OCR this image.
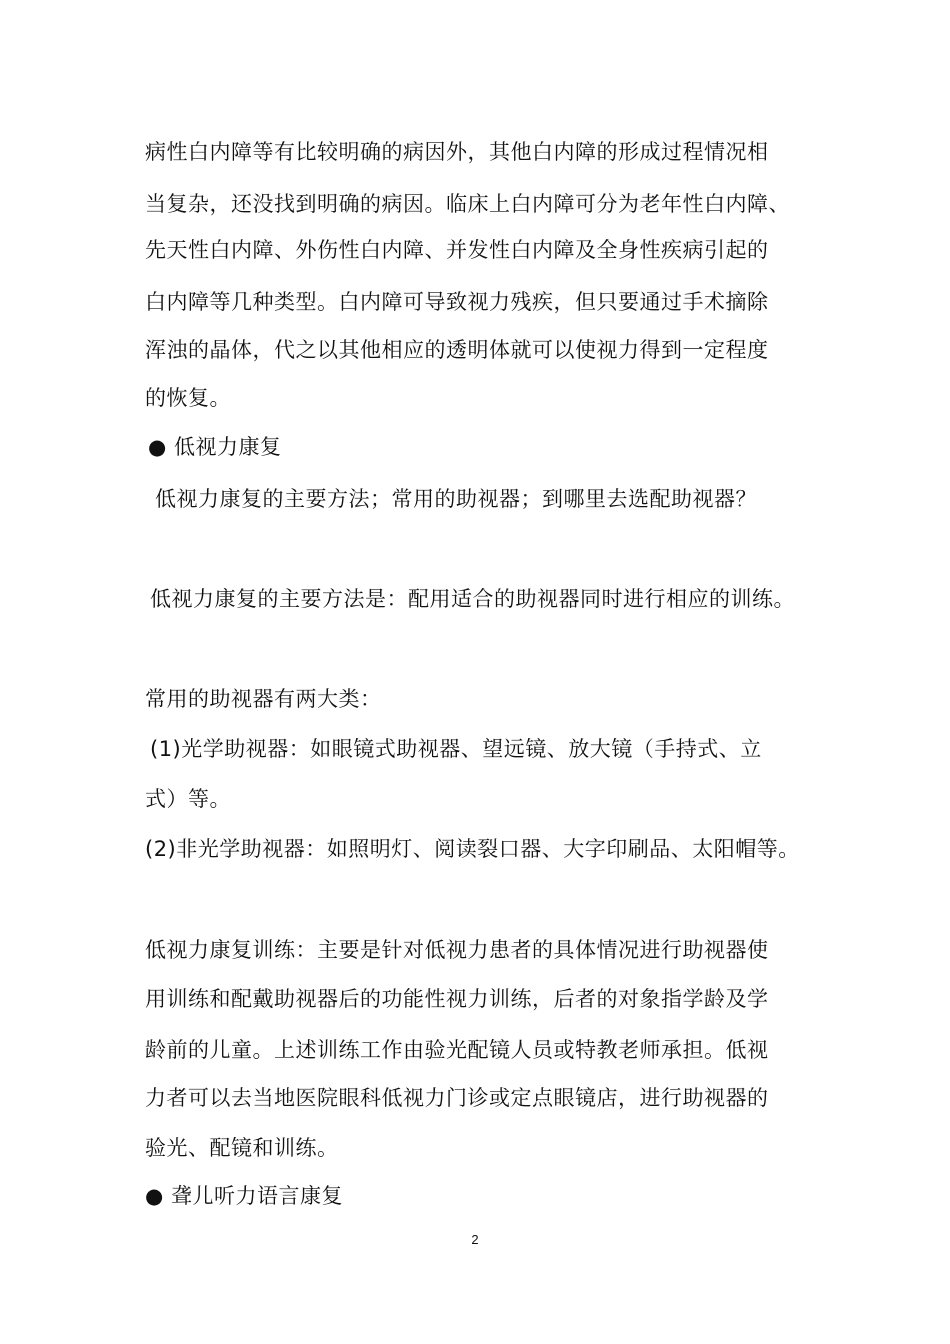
病性白内障等有比较明确的病因外，其他白内障的形成过程情况相
当复杂，还没找到明确的病因。临床上白内障可分为老年性白内障、
先天性白内障、外伤性白内障、并发性白内障及全身性疾病引起的
白内障等几种类型。白内障可导致视力残疾，但只要通过手术摘除
浑浊的晶体，代之以其他相应的透明体就可以使视力得到一定程度
的恢复。
● 低视力康复
低视力康复的主要方法；常用的助视器；到哪里去选配助视器？
低视力康复的主要方法是：配用适合的助视器同时进行相应的训练。
常用的助视器有两大类：
(1)光学助视器：如眼镜式助视器、望远镜、放大镜（手持式、立
式）等。
(2)非光学助视器：如照明灯、阅读裂口器、大字印刷品、太阳帽等。
低视力康复训练：主要是针对低视力患者的具体情况进行助视器使
用训练和配戴助视器后的功能性视力训练，后者的对象指学龄及学
龄前的儿童。上述训练工作由验光配镜人员或特教老师承担。低视
力者可以去当地医院眼科低视力门诊或定点眼镜店，进行助视器的
验光、配镜和训练。
● 聋儿听力语言康复
2
